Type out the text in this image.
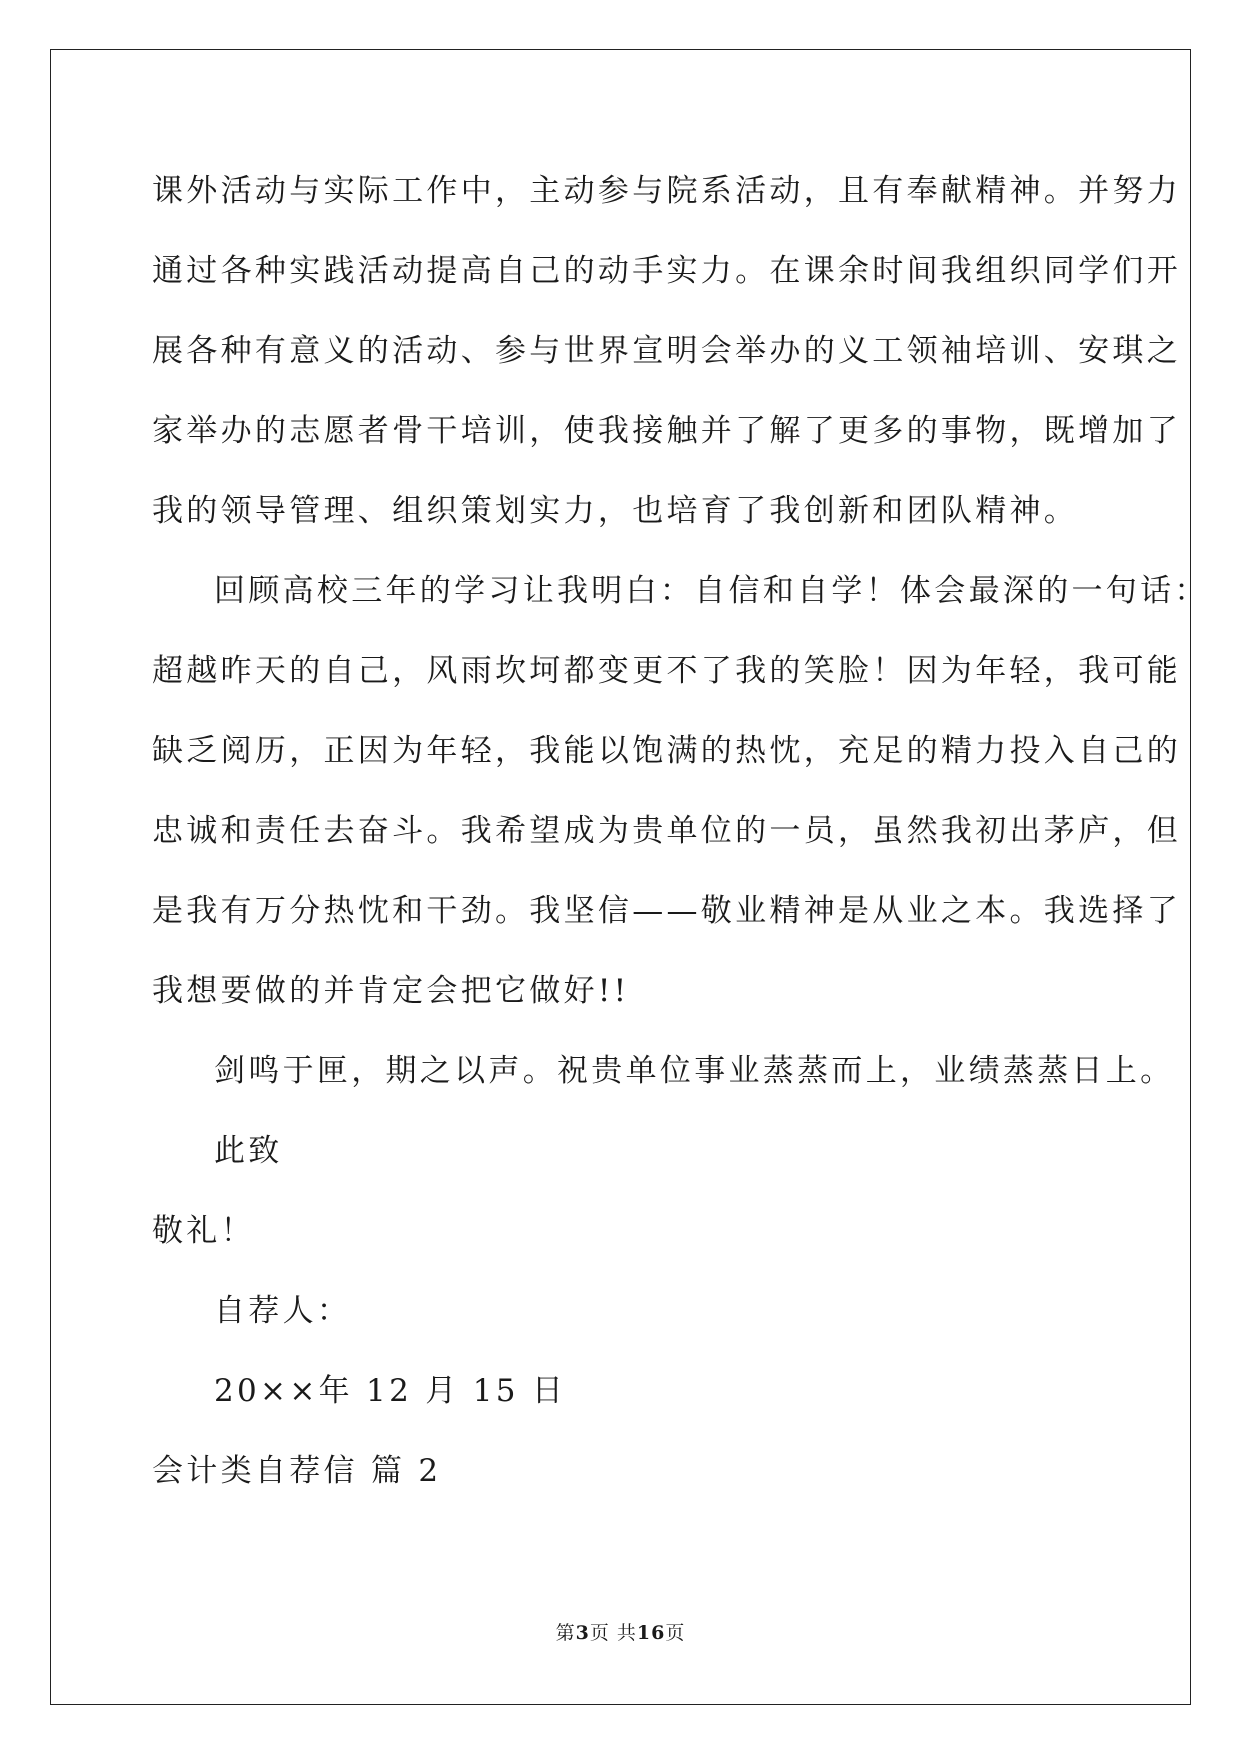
课外活动与实际工作中，主动参与院系活动，且有奉献精神。并努力
通过各种实践活动提高自己的动手实力。在课余时间我组织同学们开
展各种有意义的活动、参与世界宣明会举办的义工领袖培训、安琪之
家举办的志愿者骨干培训，使我接触并了解了更多的事物，既增加了
我的领导管理、组织策划实力，也培育了我创新和团队精神。
回顾高校三年的学习让我明白：自信和自学！体会最深的一句话：
超越昨天的自己，风雨坎坷都变更不了我的笑脸！因为年轻，我可能
缺乏阅历，正因为年轻，我能以饱满的热忱，充足的精力投入自己的
忠诚和责任去奋斗。我希望成为贵单位的一员，虽然我初出茅庐，但
是我有万分热忱和干劲。我坚信——敬业精神是从业之本。我选择了
我想要做的并肯定会把它做好!!
剑鸣于匣，期之以声。祝贵单位事业蒸蒸而上，业绩蒸蒸日上。
此致
敬礼！
自荐人：
20××年 12 月 15 日
会计类自荐信 篇 2
第3页 共16页
